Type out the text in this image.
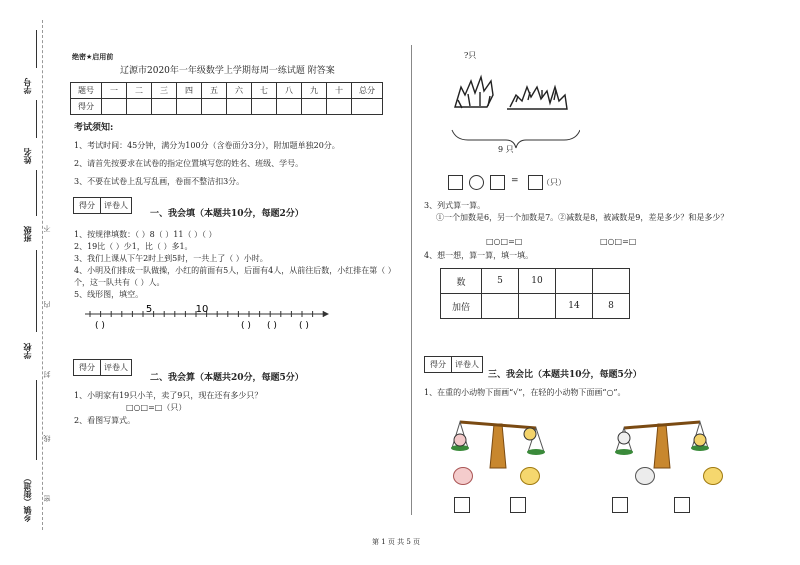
学号
姓名
班级
学校
乡镇（街道）
不
内
封
线
密
绝密★启用前
辽源市2020年一年级数学上学期每周一练试题 附答案
题号	一	二	三	四	五	六	七	八	九	十	总分
得分											
考试须知:
1、考试时间：45分钟，满分为100分（含卷面分3分），附加题单独20分。
2、请首先按要求在试卷的指定位置填写您的姓名、班级、学号。
3、不要在试卷上乱写乱画，卷面不整洁扣3分。
得分	评卷人
一、我会填（本题共10分，每题2分）
1、按规律填数：（ ）8（ ）11（ ）（ ）
2、19比（ ）少1，比（ ）多1。
3、我们上课从下午2时上到5时，一共上了（ ）小时。
4、小明及们排成一队做操，小红的前面有5人，后面有4人，从前往后数，小红排在第（ ）
个，这一队共有（ ）人。
5、线形图，填空。
5	10
( )	( ) ( ) ( )
得分	评卷人
二、我会算（本题共20分，每题5分）
1、小明家有19只小羊，卖了9只，现在还有多少只？
□○□=□（只）
2、看图写算式。
?只
9 只
=	（只）
3、列式算一算。
①一个加数是6，另一个加数是7。②减数是8，被减数是9，差是多少？和是多少？
□○□=□	□○□=□
4、想一想，算一算，填一填。
数	5	10		
加倍			14	8
得分	评卷人
三、我会比（本题共10分，每题5分）
1、在重的小动物下面画“√”，在轻的小动物下面画“○”。
第 1 页 共 5 页
